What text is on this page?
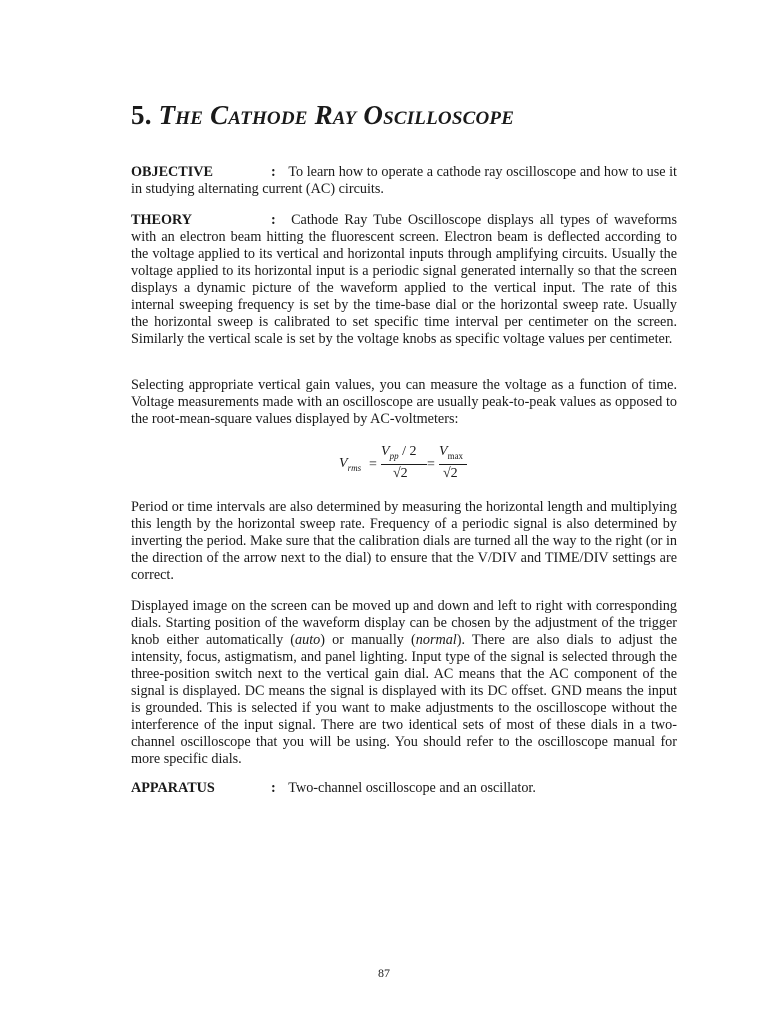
5. The Cathode Ray Oscilloscope

OBJECTIVE	: To learn how to operate a cathode ray oscilloscope and how to use it in studying alternating current (AC) circuits.

THEORY	: Cathode Ray Tube Oscilloscope displays all types of waveforms with an electron beam hitting the fluorescent screen. Electron beam is deflected according to the voltage applied to its vertical and horizontal inputs through amplifying circuits. Usually the voltage applied to its horizontal input is a periodic signal generated internally so that the screen displays a dynamic picture of the waveform applied to the vertical input. The rate of this internal sweeping frequency is set by the time-base dial or the horizontal sweep rate. Usually the horizontal sweep is calibrated to set specific time interval per centimeter on the screen. Similarly the vertical scale is set by the voltage knobs as specific voltage values per centimeter.

Selecting appropriate vertical gain values, you can measure the voltage as a function of time. Voltage measurements made with an oscilloscope are usually peak-to-peak values as opposed to the root-mean-square values displayed by AC-voltmeters:

$V_{rms}$ =
$V_{pp} / 2$
√2
=
$V_{max}$
√2

Period or time intervals are also determined by measuring the horizontal length and multiplying this length by the horizontal sweep rate. Frequency of a periodic signal is also determined by inverting the period. Make sure that the calibration dials are turned all the way to the right (or in the direction of the arrow next to the dial) to ensure that the V/DIV and TIME/DIV settings are correct.

Displayed image on the screen can be moved up and down and left to right with corresponding dials. Starting position of the waveform display can be chosen by the adjustment of the trigger knob either automatically (auto) or manually (normal). There are also dials to adjust the intensity, focus, astigmatism, and panel lighting. Input type of the signal is selected through the three-position switch next to the vertical gain dial. AC means that the AC component of the signal is displayed. DC means the signal is displayed with its DC offset. GND means the input is grounded. This is selected if you want to make adjustments to the oscilloscope without the interference of the input signal. There are two identical sets of most of these dials in a two-channel oscilloscope that you will be using. You should refer to the oscilloscope manual for more specific dials.

APPARATUS	: Two-channel oscilloscope and an oscillator.

87
